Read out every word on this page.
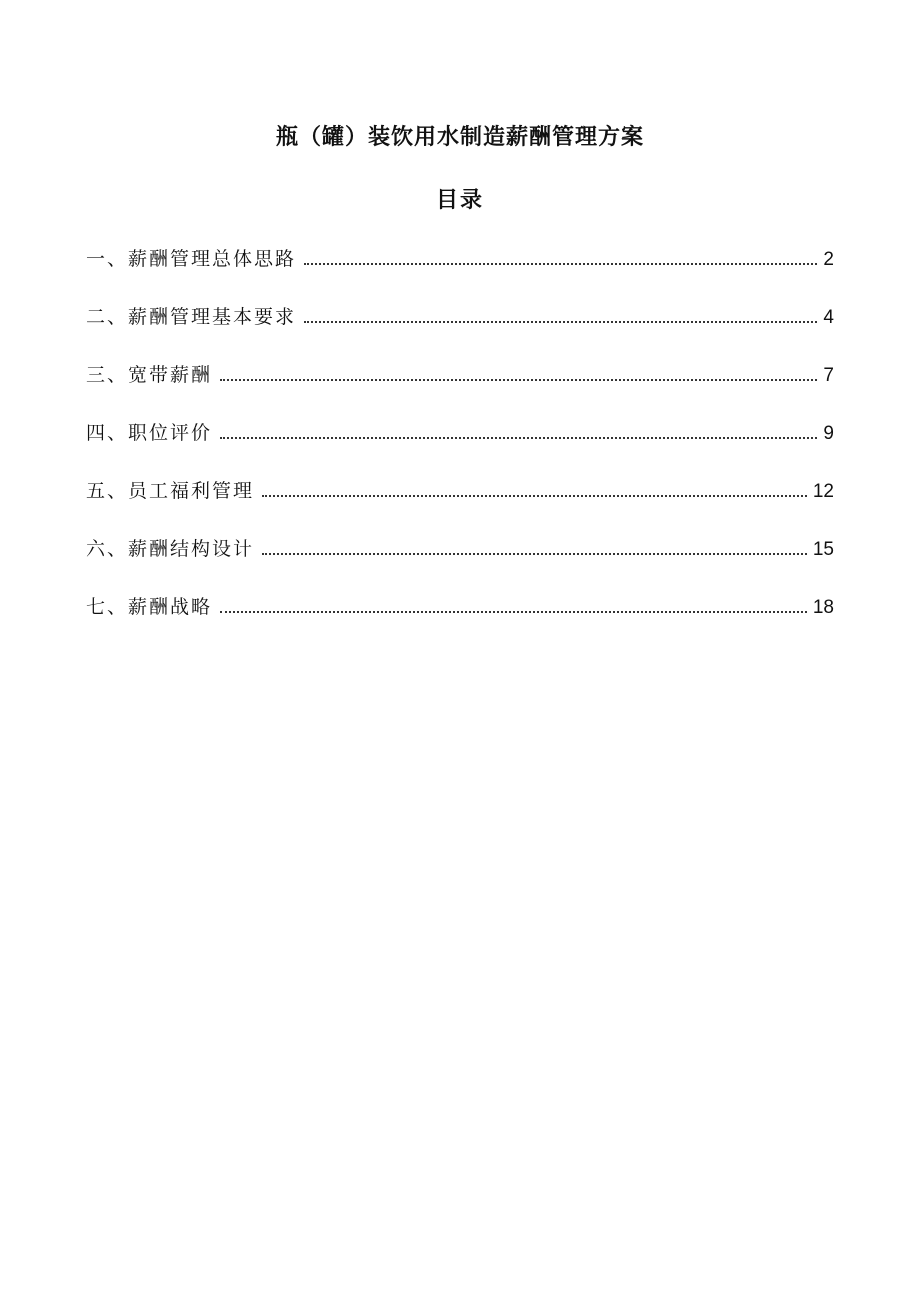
瓶（罐）装饮用水制造薪酬管理方案
目录
一、薪酬管理总体思路	2
二、薪酬管理基本要求	4
三、宽带薪酬	7
四、职位评价	9
五、员工福利管理	12
六、薪酬结构设计	15
七、薪酬战略	18
